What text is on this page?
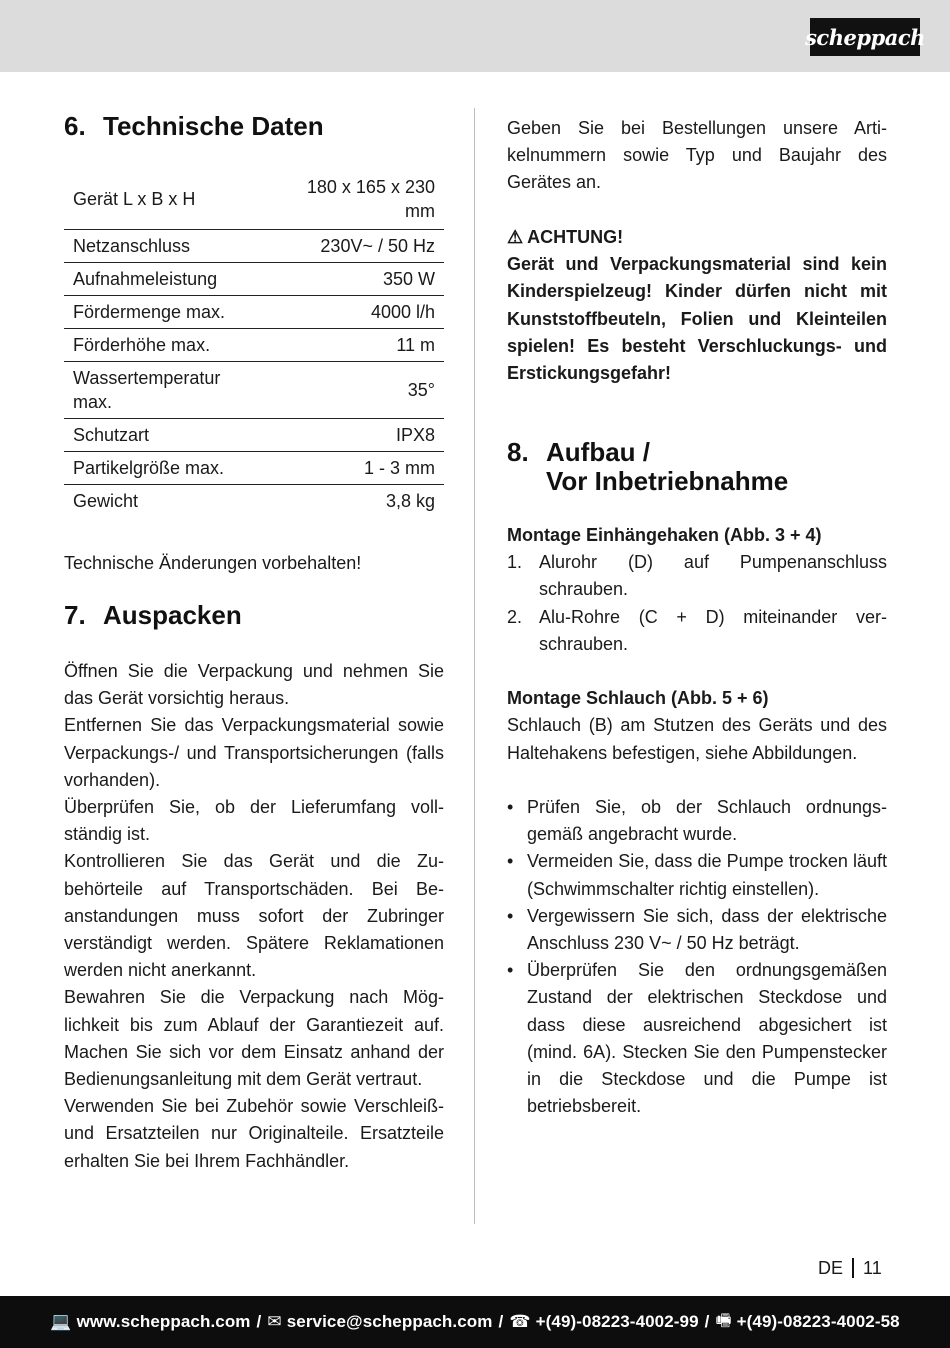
scheppach
6. Technische Daten
Gerät L x B x H	180 x 165 x 230 mm
Netzanschluss	230V~ / 50 Hz
Aufnahmeleistung	350 W
Fördermenge max.	4000 l/h
Förderhöhe max.	11 m
Wassertemperatur max.	35°
Schutzart	IPX8
Partikelgröße max.	1 - 3 mm
Gewicht	3,8 kg

Technische Änderungen vorbehalten!

7. Auspacken

Öffnen Sie die Verpackung und nehmen Sie das Gerät vorsichtig heraus.

Entfernen Sie das Verpackungsmaterial sowie Verpackungs-/ und Transportsicherungen (falls vorhanden).

Überprüfen Sie, ob der Lieferumfang vollständig ist.

Kontrollieren Sie das Gerät und die Zubehörteile auf Transportschäden. Bei Beanstandungen muss sofort der Zubringer verständigt werden. Spätere Reklamationen werden nicht anerkannt.

Bewahren Sie die Verpackung nach Möglichkeit bis zum Ablauf der Garantiezeit auf. Machen Sie sich vor dem Einsatz anhand der Bedienungsanleitung mit dem Gerät vertraut.

Verwenden Sie bei Zubehör sowie Verschleiß- und Ersatzteilen nur Originalteile. Ersatzteile erhalten Sie bei Ihrem Fachhändler.

Geben Sie bei Bestellungen unsere Artikelnummern sowie Typ und Baujahr des Gerätes an.

⚠ ACHTUNG!

Gerät und Verpackungsmaterial sind kein Kinderspielzeug! Kinder dürfen nicht mit Kunststoffbeuteln, Folien und Kleinteilen spielen! Es besteht Verschluckungs- und Erstickungsgefahr!

8. Aufbau /
Vor Inbetriebnahme

Montage Einhängehaken (Abb. 3 + 4)

1. Alurohr (D) auf Pumpenanschluss schrauben.
2. Alu-Rohre (C + D) miteinander verschrauben.

Montage Schlauch (Abb. 5 + 6)

Schlauch (B) am Stutzen des Geräts und des Haltehakens befestigen, siehe Abbildungen.

• Prüfen Sie, ob der Schlauch ordnungsgemäß angebracht wurde.
• Vermeiden Sie, dass die Pumpe trocken läuft (Schwimmschalter richtig einstellen).
• Vergewissern Sie sich, dass der elektrische Anschluss 230 V~ / 50 Hz beträgt.
• Überprüfen Sie den ordnungsgemäßen Zustand der elektrischen Steckdose und dass diese ausreichend abgesichert ist (mind. 6A). Stecken Sie den Pumpenstecker in die Steckdose und die Pumpe ist betriebsbereit.
DE 11
💻 www.scheppach.com / ✉ service@scheppach.com / ☎ +(49)-08223-4002-99 / 🖷 +(49)-08223-4002-58
